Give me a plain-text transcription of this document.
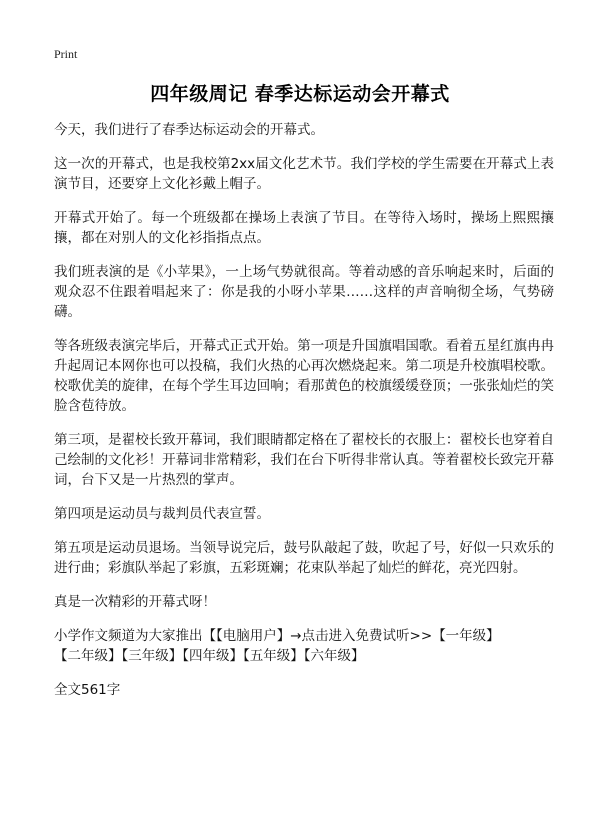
Print
四年级周记 春季达标运动会开幕式

今天，我们进行了春季达标运动会的开幕式。

这一次的开幕式，也是我校第2xx届文化艺术节。我们学校的学生需要在开幕式上表演节目，还要穿上文化衫戴上帽子。

开幕式开始了。每一个班级都在操场上表演了节目。在等待入场时，操场上熙熙攘攘，都在对别人的文化衫指指点点。

我们班表演的是《小苹果》，一上场气势就很高。等着动感的音乐响起来时，后面的观众忍不住跟着唱起来了：你是我的小呀小苹果……这样的声音响彻全场，气势磅礴。

等各班级表演完毕后，开幕式正式开始。第一项是升国旗唱国歌。看着五星红旗冉冉升起周记本网你也可以投稿，我们火热的心再次燃烧起来。第二项是升校旗唱校歌。校歌优美的旋律，在每个学生耳边回响；看那黄色的校旗缓缓登顶；一张张灿烂的笑脸含苞待放。

第三项，是翟校长致开幕词，我们眼睛都定格在了翟校长的衣服上：翟校长也穿着自己绘制的文化衫！开幕词非常精彩，我们在台下听得非常认真。等着翟校长致完开幕词，台下又是一片热烈的掌声。

第四项是运动员与裁判员代表宣誓。

第五项是运动员退场。当领导说完后，鼓号队敲起了鼓，吹起了号，好似一只欢乐的进行曲；彩旗队举起了彩旗，五彩斑斓；花束队举起了灿烂的鲜花，亮光四射。

真是一次精彩的开幕式呀！

小学作文频道为大家推出【【电脑用户】→点击进入免费试听>>【一年级】【二年级】【三年级】【四年级】【五年级】【六年级】

全文561字
